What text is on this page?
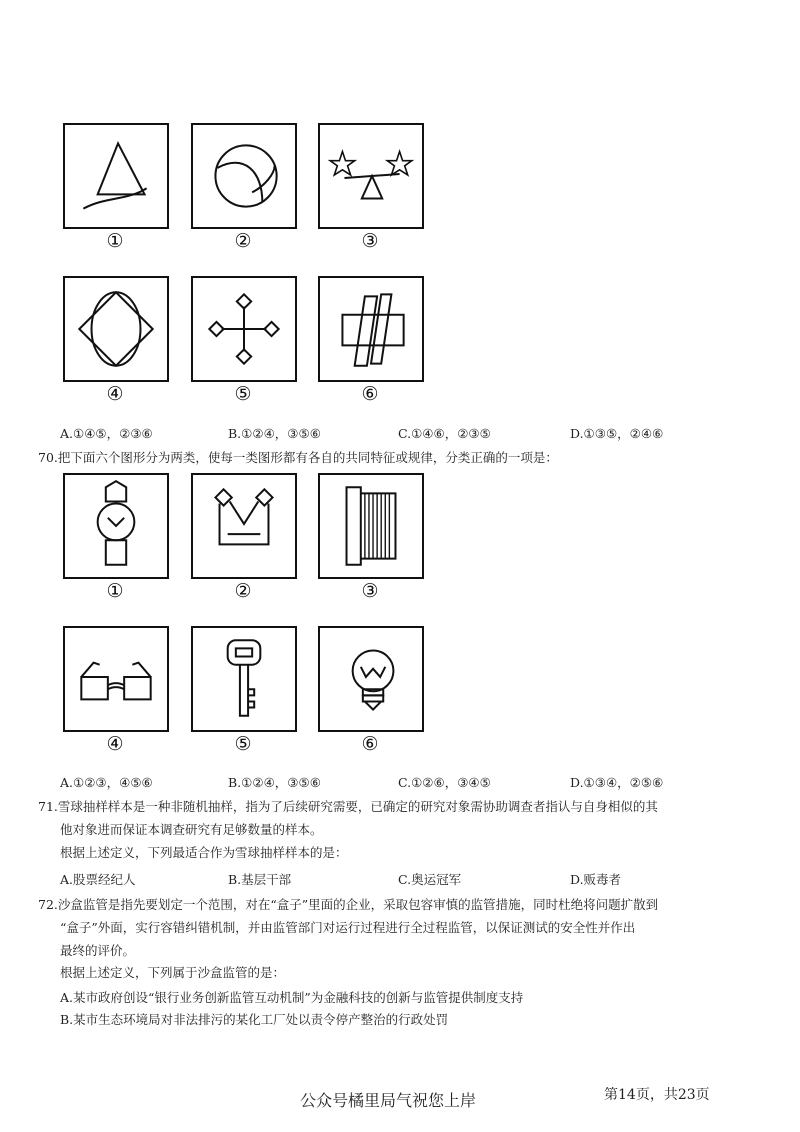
①	②	③
④	⑤	⑥
A.①④⑤，②③⑥	B.①②④，③⑤⑥	C.①④⑥，②③⑤	D.①③⑤，②④⑥
70.把下面六个图形分为两类，使每一类图形都有各自的共同特征或规律，分类正确的一项是：
①	②	③
④	⑤	⑥
A.①②③，④⑤⑥	B.①②④，③⑤⑥	C.①②⑥，③④⑤	D.①③④，②⑤⑥
71.雪球抽样样本是一种非随机抽样，指为了后续研究需要，已确定的研究对象需协助调查者指认与自身相似的其
他对象进而保证本调查研究有足够数量的样本。
根据上述定义，下列最适合作为雪球抽样样本的是：
A.股票经纪人	B.基层干部	C.奥运冠军	D.贩毒者
72.沙盒监管是指先要划定一个范围，对在“盒子”里面的企业，采取包容审慎的监管措施，同时杜绝将问题扩散到
“盒子”外面，实行容错纠错机制，并由监管部门对运行过程进行全过程监管，以保证测试的安全性并作出
最终的评价。
根据上述定义，下列属于沙盒监管的是：
A.某市政府创设“银行业务创新监管互动机制”为金融科技的创新与监管提供制度支持
B.某市生态环境局对非法排污的某化工厂处以责令停产整治的行政处罚
公众号橘里局气祝您上岸	第14页，共23页
